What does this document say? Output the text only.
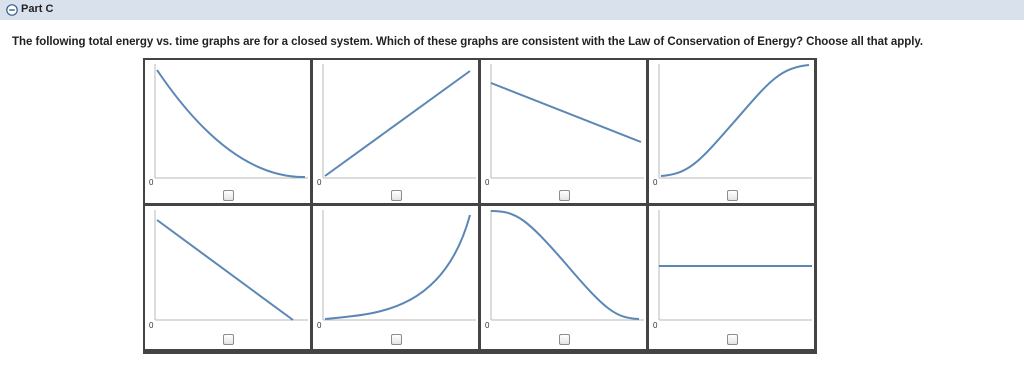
Part C
The following total energy vs. time graphs are for a closed system. Which of these graphs are consistent with the Law of Conservation of Energy? Choose all that apply.
0	0	0	0
0	0	0	0
